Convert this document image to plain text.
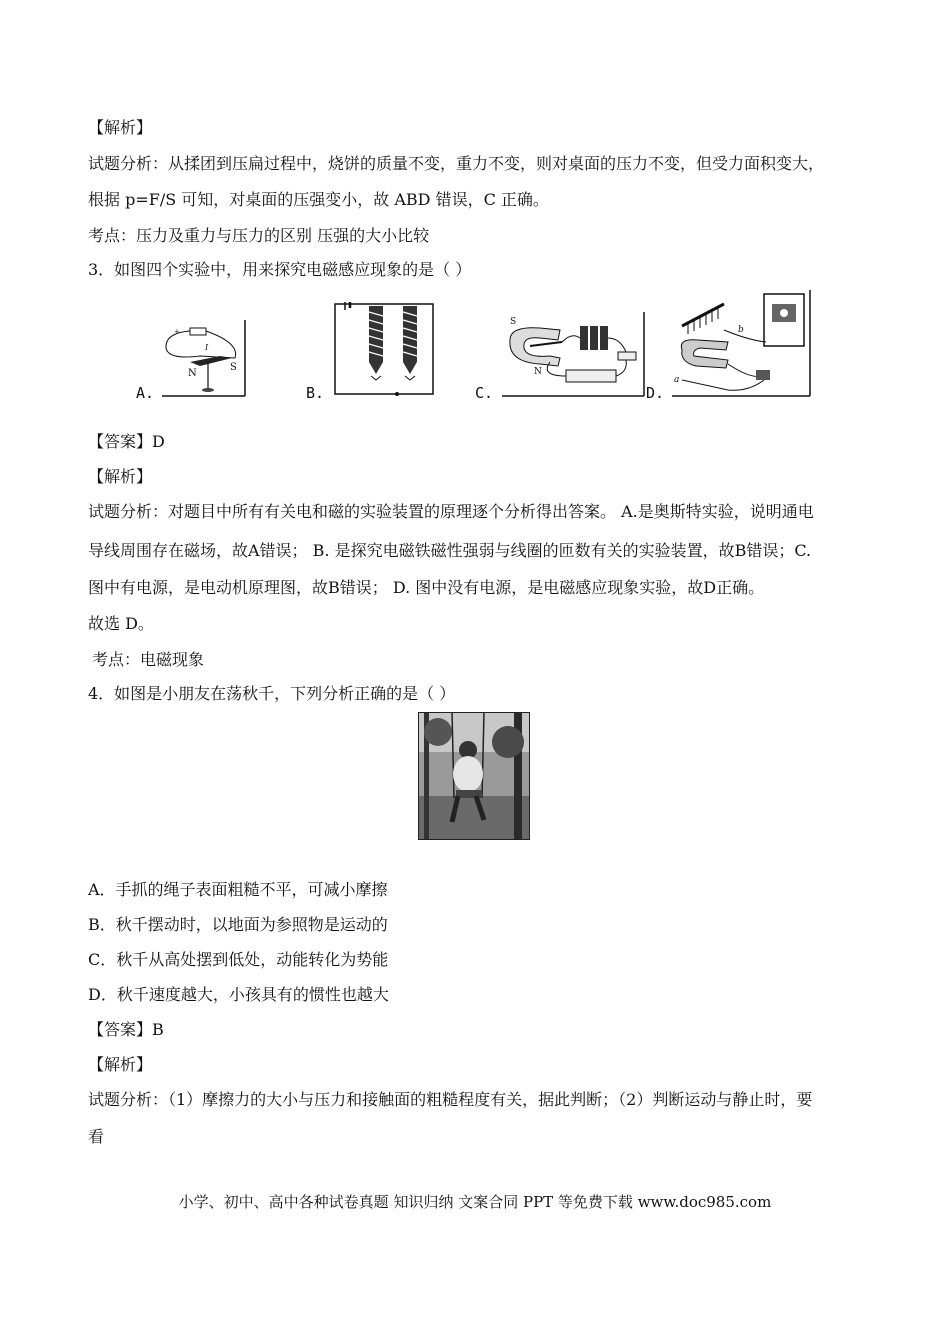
【解析】
试题分析：从揉团到压扁过程中，烧饼的质量不变，重力不变，则对桌面的压力不变，但受力面积变大，
根据 p=F/S 可知，对桌面的压强变小，故 ABD 错误，C 正确。
考点：压力及重力与压力的区别 压强的大小比较
3．如图四个实验中，用来探究电磁感应现象的是（ ）
+
N
S
I
A.	B.
S
N
C.
b
a
D.
【答案】D
【解析】
试题分析：对题目中所有有关电和磁的实验装置的原理逐个分析得出答案。 A.是奥斯特实验，说明通电
导线周围存在磁场，故A错误； B. 是探究电磁铁磁性强弱与线圈的匝数有关的实验装置，故B错误；C.
图中有电源，是电动机原理图，故B错误； D. 图中没有电源，是电磁感应现象实验，故D正确。
故选 D。
考点：电磁现象
4．如图是小朋友在荡秋千，下列分析正确的是（ ）
A．手抓的绳子表面粗糙不平，可减小摩擦
B．秋千摆动时，以地面为参照物是运动的
C．秋千从高处摆到低处，动能转化为势能
D．秋千速度越大，小孩具有的惯性也越大
【答案】B
【解析】
试题分析：（1）摩擦力的大小与压力和接触面的粗糙程度有关，据此判断；（2）判断运动与静止时，要
看
小学、初中、高中各种试卷真题 知识归纳 文案合同 PPT 等免费下载 www.doc985.com
